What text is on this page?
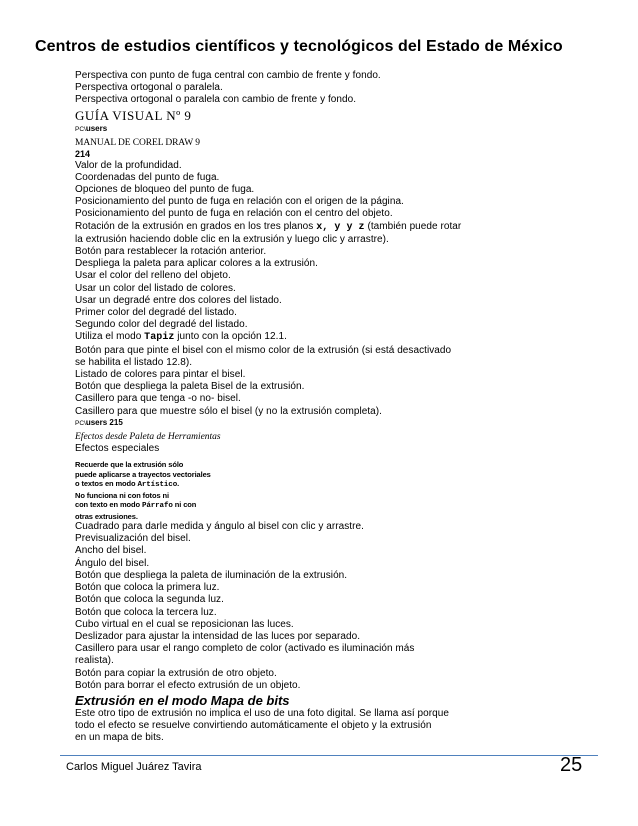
Centros de estudios científicos y tecnológicos del Estado de México
Perspectiva con punto de fuga central con cambio de frente y fondo.
Perspectiva ortogonal o paralela.
Perspectiva ortogonal o paralela con cambio de frente y fondo.
GUÍA VISUAL Nº 9
PC\users
MANUAL DE COREL DRAW 9
214
Valor de la profundidad.
Coordenadas del punto de fuga.
Opciones de bloqueo del punto de fuga.
Posicionamiento del punto de fuga en relación con el origen de la página.
Posicionamiento del punto de fuga en relación con el centro del objeto.
Rotación de la extrusión en grados en los tres planos x, y y z (también puede rotar
la extrusión haciendo doble clic en la extrusión y luego clic y arrastre).
Botón para restablecer la rotación anterior.
Despliega la paleta para aplicar colores a la extrusión.
Usar el color del relleno del objeto.
Usar un color del listado de colores.
Usar un degradé entre dos colores del listado.
Primer color del degradé del listado.
Segundo color del degradé del listado.
Utiliza el modo Tapiz junto con la opción 12.1.
Botón para que pinte el bisel con el mismo color de la extrusión (si está desactivado
se habilita el listado 12.8).
Listado de colores para pintar el bisel.
Botón que despliega la paleta Bisel de la extrusión.
Casillero para que tenga -o no- bisel.
Casillero para que muestre sólo el bisel (y no la extrusión completa).
PC\users 215
Efectos desde Paleta de Herramientas
Efectos especiales
Recuerde que la extrusión sólo
puede aplicarse a trayectos vectoriales
o textos en modo Artístico.
No funciona ni con fotos ni
con texto en modo Párrafo ni con
otras extrusiones.
Cuadrado para darle medida y ángulo al bisel con clic y arrastre.
Previsualización del bisel.
Ancho del bisel.
Ángulo del bisel.
Botón que despliega la paleta de iluminación de la extrusión.
Botón que coloca la primera luz.
Botón que coloca la segunda luz.
Botón que coloca la tercera luz.
Cubo virtual en el cual se reposicionan las luces.
Deslizador para ajustar la intensidad de las luces por separado.
Casillero para usar el rango completo de color (activado es iluminación más
realista).
Botón para copiar la extrusión de otro objeto.
Botón para borrar el efecto extrusión de un objeto.
Extrusión en el modo Mapa de bits
Este otro tipo de extrusión no implica el uso de una foto digital. Se llama así porque
todo el efecto se resuelve convirtiendo automáticamente el objeto y la extrusión
en un mapa de bits.
Carlos Miguel Juárez Tavira	25
